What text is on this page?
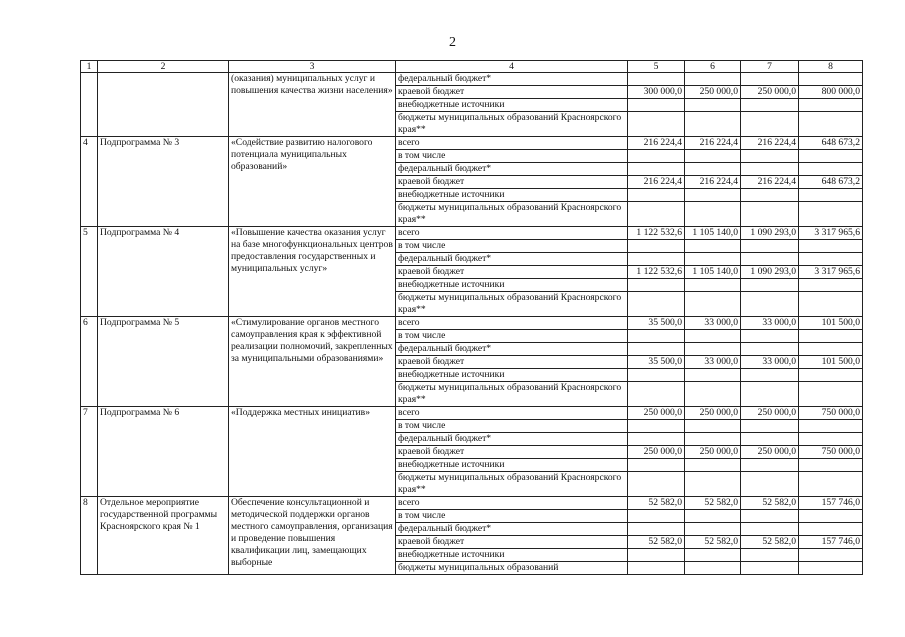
2
1	2	3	4	5	6	7	8
		(оказания) муниципальных услуг и повышения качества жизни населения»	федеральный бюджет*				
			краевой бюджет	300 000,0	250 000,0	250 000,0	800 000,0
			внебюджетные источники				
			бюджеты муниципальных образований Красноярского края**				
4	Подпрограмма № 3	«Содействие развитию налогового потенциала муниципальных образований»	всего	216 224,4	216 224,4	216 224,4	648 673,2
			в том числе				
			федеральный бюджет*				
			краевой бюджет	216 224,4	216 224,4	216 224,4	648 673,2
			внебюджетные источники				
			бюджеты муниципальных образований Красноярского края**				
5	Подпрограмма № 4	«Повышение качества оказания услуг на базе многофункциональных центров предоставления государственных и муниципальных услуг»	всего	1 122 532,6	1 105 140,0	1 090 293,0	3 317 965,6
			в том числе				
			федеральный бюджет*				
			краевой бюджет	1 122 532,6	1 105 140,0	1 090 293,0	3 317 965,6
			внебюджетные источники				
			бюджеты муниципальных образований Красноярского края**				
6	Подпрограмма № 5	«Стимулирование органов местного самоуправления края к эффективной реализации полномочий, закрепленных за муниципальными образованиями»	всего	35 500,0	33 000,0	33 000,0	101 500,0
			в том числе				
			федеральный бюджет*				
			краевой бюджет	35 500,0	33 000,0	33 000,0	101 500,0
			внебюджетные источники				
			бюджеты муниципальных образований Красноярского края**				
7	Подпрограмма № 6	«Поддержка местных инициатив»	всего	250 000,0	250 000,0	250 000,0	750 000,0
			в том числе				
			федеральный бюджет*				
			краевой бюджет	250 000,0	250 000,0	250 000,0	750 000,0
			внебюджетные источники				
			бюджеты муниципальных образований Красноярского края**				
8	Отдельное мероприятие государственной программы Красноярского края № 1	Обеспечение консультационной и методической поддержки органов местного самоуправления, организация и проведение повышения квалификации лиц, замещающих выборные	всего	52 582,0	52 582,0	52 582,0	157 746,0
			в том числе				
			федеральный бюджет*				
			краевой бюджет	52 582,0	52 582,0	52 582,0	157 746,0
			внебюджетные источники				
			бюджеты муниципальных образований				
